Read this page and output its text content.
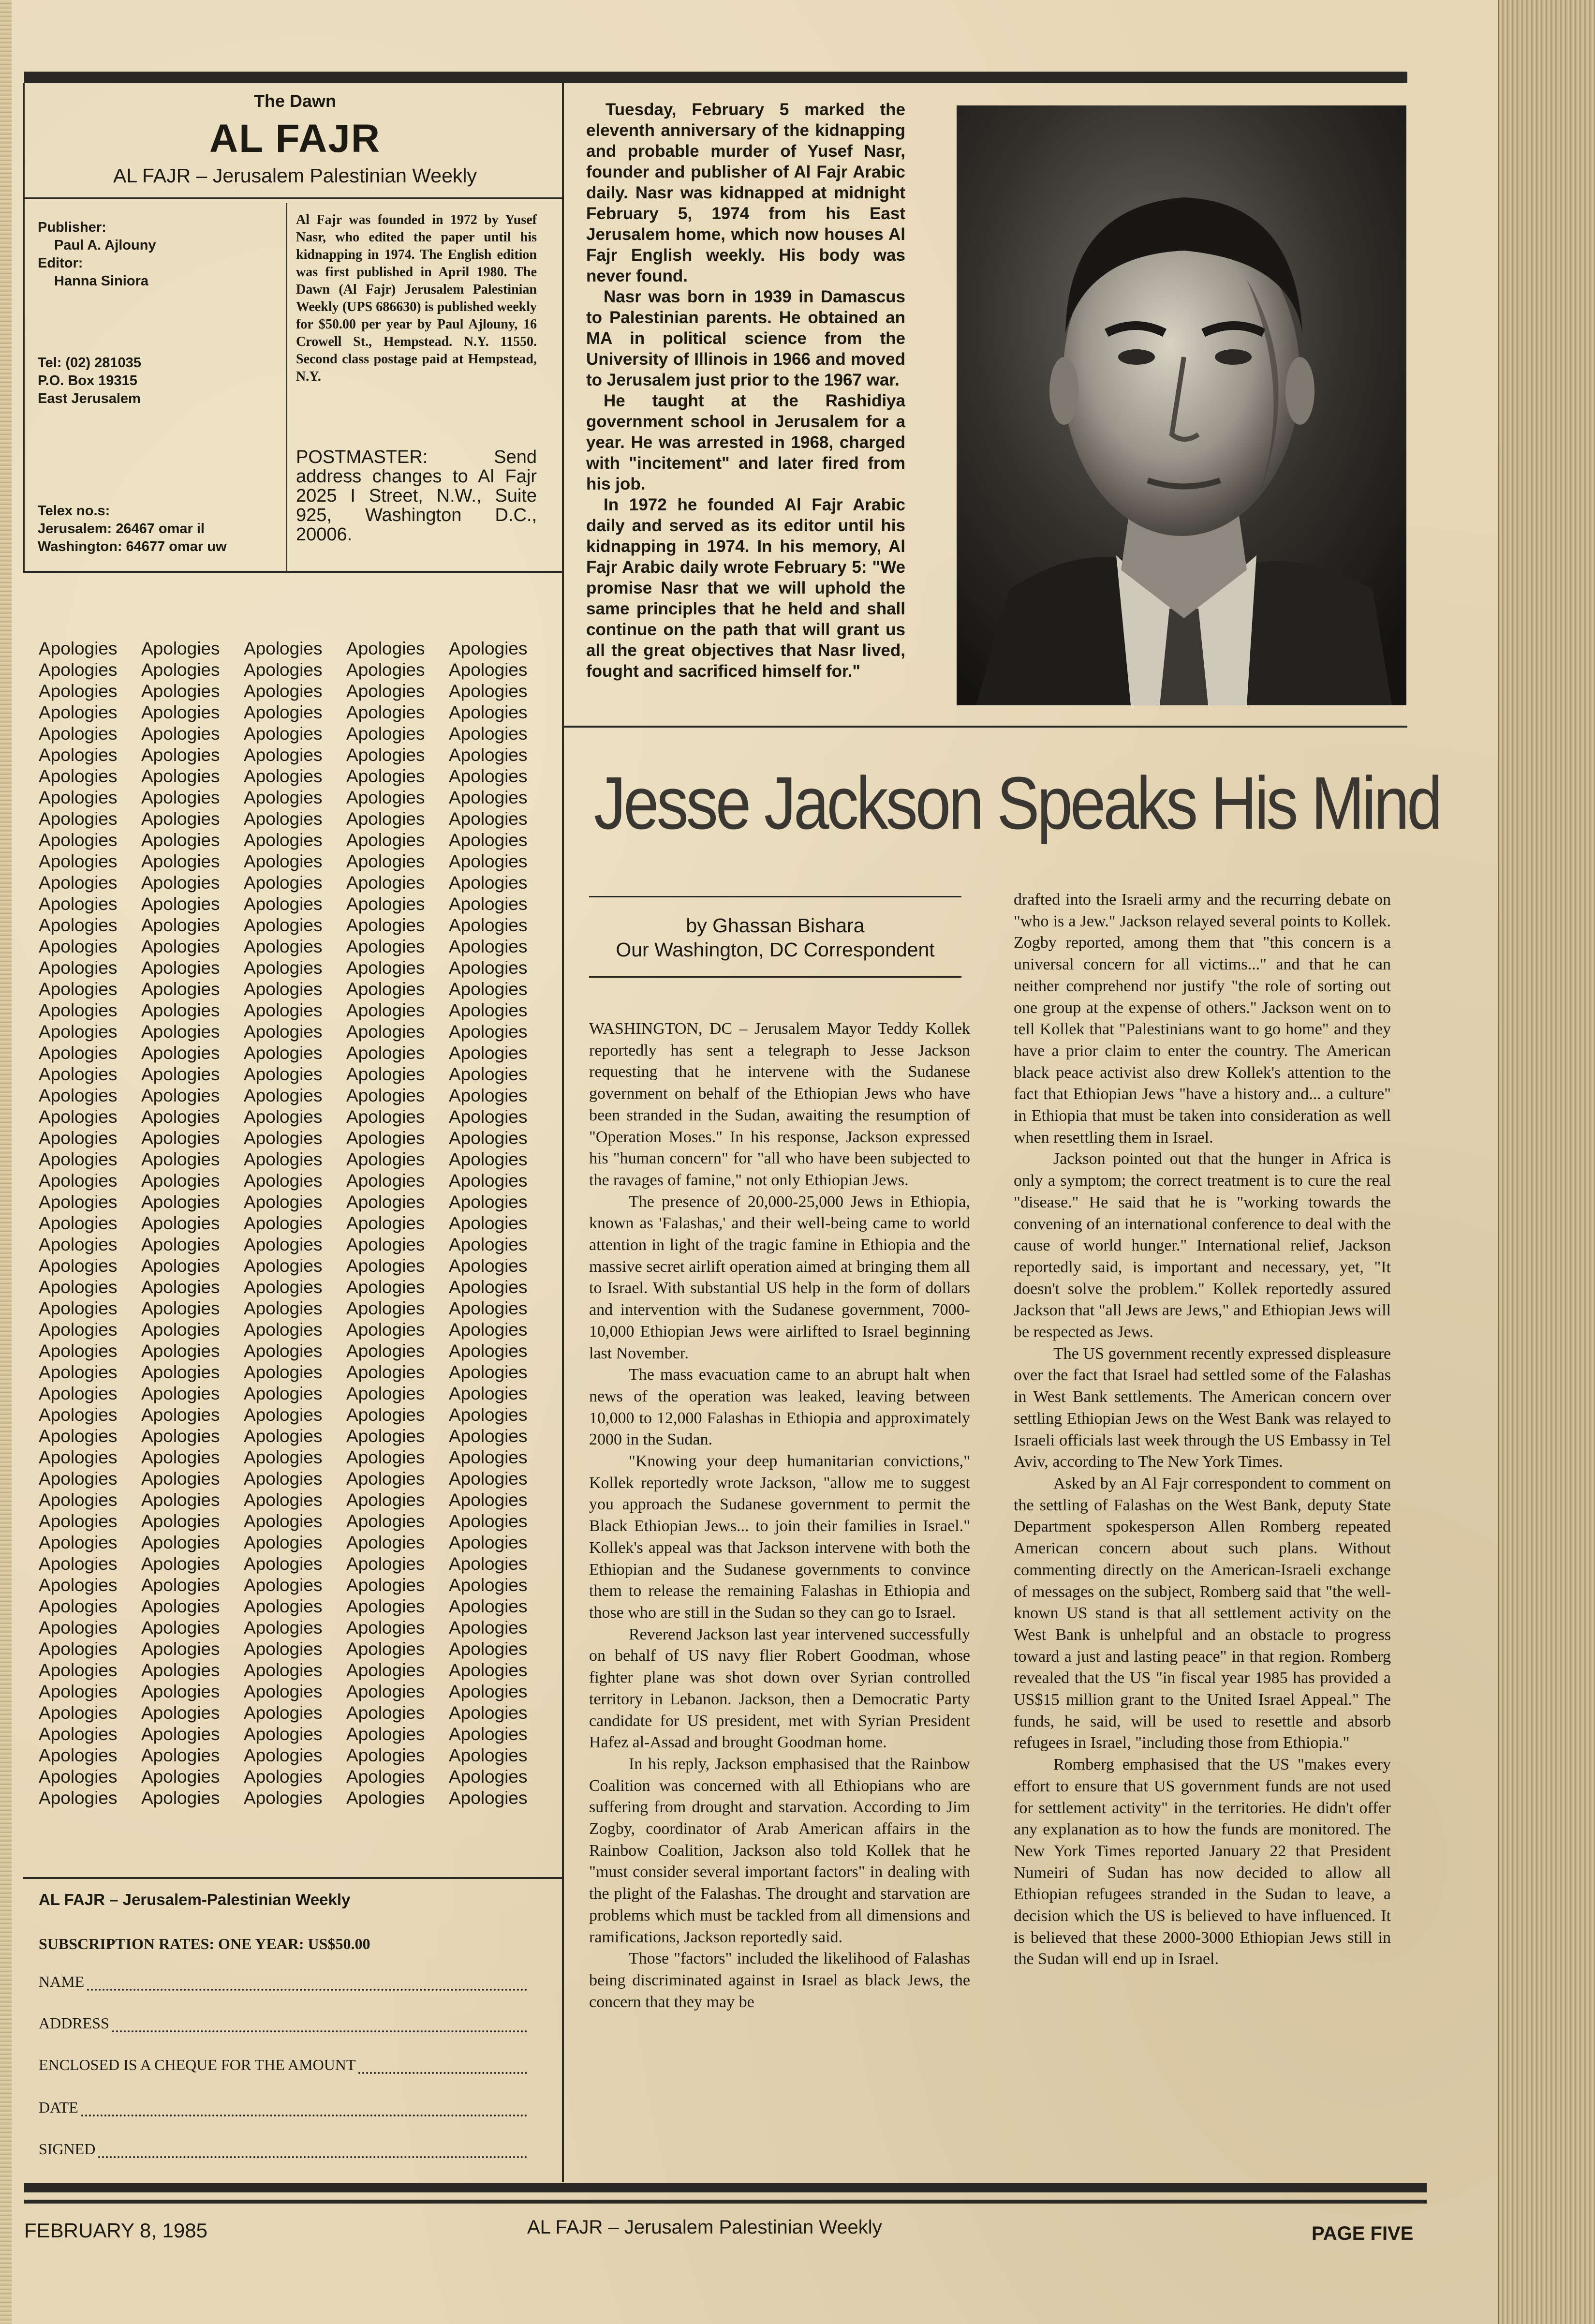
The Dawn
AL FAJR
AL FAJR – Jerusalem Palestinian Weekly
Publisher:
Paul A. Ajlouny
Editor:
Hanna Siniora
Tel: (02) 281035
P.O. Box 19315
East Jerusalem
Telex no.s:
Jerusalem: 26467 omar il
Washington: 64677 omar uw
Al Fajr was founded in 1972 by Yusef Nasr, who edited the paper until his kidnapping in 1974. The English edition was first published in April 1980. The Dawn (Al Fajr) Jerusalem Palestinian Weekly (UPS 686630) is published weekly for $50.00 per year by Paul Ajlouny, 16 Crowell St., Hempstead. N.Y. 11550. Second class postage paid at Hempstead, N.Y.
POSTMASTER: Send address changes to Al Fajr 2025 I Street, N.W., Suite 925, Washington D.C., 20006.
Apologies	Apologies	Apologies	Apologies	Apologies
Apologies	Apologies	Apologies	Apologies	Apologies
Apologies	Apologies	Apologies	Apologies	Apologies
Apologies	Apologies	Apologies	Apologies	Apologies
Apologies	Apologies	Apologies	Apologies	Apologies
Apologies	Apologies	Apologies	Apologies	Apologies
Apologies	Apologies	Apologies	Apologies	Apologies
Apologies	Apologies	Apologies	Apologies	Apologies
Apologies	Apologies	Apologies	Apologies	Apologies
Apologies	Apologies	Apologies	Apologies	Apologies
Apologies	Apologies	Apologies	Apologies	Apologies
Apologies	Apologies	Apologies	Apologies	Apologies
Apologies	Apologies	Apologies	Apologies	Apologies
Apologies	Apologies	Apologies	Apologies	Apologies
Apologies	Apologies	Apologies	Apologies	Apologies
Apologies	Apologies	Apologies	Apologies	Apologies
Apologies	Apologies	Apologies	Apologies	Apologies
Apologies	Apologies	Apologies	Apologies	Apologies
Apologies	Apologies	Apologies	Apologies	Apologies
Apologies	Apologies	Apologies	Apologies	Apologies
Apologies	Apologies	Apologies	Apologies	Apologies
Apologies	Apologies	Apologies	Apologies	Apologies
Apologies	Apologies	Apologies	Apologies	Apologies
Apologies	Apologies	Apologies	Apologies	Apologies
Apologies	Apologies	Apologies	Apologies	Apologies
Apologies	Apologies	Apologies	Apologies	Apologies
Apologies	Apologies	Apologies	Apologies	Apologies
Apologies	Apologies	Apologies	Apologies	Apologies
Apologies	Apologies	Apologies	Apologies	Apologies
Apologies	Apologies	Apologies	Apologies	Apologies
Apologies	Apologies	Apologies	Apologies	Apologies
Apologies	Apologies	Apologies	Apologies	Apologies
Apologies	Apologies	Apologies	Apologies	Apologies
Apologies	Apologies	Apologies	Apologies	Apologies
Apologies	Apologies	Apologies	Apologies	Apologies
Apologies	Apologies	Apologies	Apologies	Apologies
Apologies	Apologies	Apologies	Apologies	Apologies
Apologies	Apologies	Apologies	Apologies	Apologies
Apologies	Apologies	Apologies	Apologies	Apologies
Apologies	Apologies	Apologies	Apologies	Apologies
Apologies	Apologies	Apologies	Apologies	Apologies
Apologies	Apologies	Apologies	Apologies	Apologies
Apologies	Apologies	Apologies	Apologies	Apologies
Apologies	Apologies	Apologies	Apologies	Apologies
Apologies	Apologies	Apologies	Apologies	Apologies
Apologies	Apologies	Apologies	Apologies	Apologies
Apologies	Apologies	Apologies	Apologies	Apologies
Apologies	Apologies	Apologies	Apologies	Apologies
Apologies	Apologies	Apologies	Apologies	Apologies
Apologies	Apologies	Apologies	Apologies	Apologies
Apologies	Apologies	Apologies	Apologies	Apologies
Apologies	Apologies	Apologies	Apologies	Apologies
Apologies	Apologies	Apologies	Apologies	Apologies
Apologies	Apologies	Apologies	Apologies	Apologies
Apologies	Apologies	Apologies	Apologies	Apologies
AL FAJR – Jerusalem-Palestinian Weekly
SUBSCRIPTION RATES: ONE YEAR: US$50.00
NAME
ADDRESS
ENCLOSED IS A CHEQUE FOR THE AMOUNT
DATE
SIGNED

Tuesday, February 5 marked the eleventh anniversary of the kidnapping and probable murder of Yusef Nasr, founder and publisher of Al Fajr Arabic daily. Nasr was kidnapped at midnight February 5, 1974 from his East Jerusalem home, which now houses Al Fajr English weekly. His body was never found.

Nasr was born in 1939 in Damascus to Palestinian parents. He obtained an MA in political science from the University of Illinois in 1966 and moved to Jerusalem just prior to the 1967 war.

He taught at the Rashidiya government school in Jerusalem for a year. He was arrested in 1968, charged with "incitement" and later fired from his job.

In 1972 he founded Al Fajr Arabic daily and served as its editor until his kidnapping in 1974. In his memory, Al Fajr Arabic daily wrote February 5: "We promise Nasr that we will uphold the same principles that he held and shall continue on the path that will grant us all the great objectives that Nasr lived, fought and sacrificed himself for."

Jesse Jackson Speaks His Mind
by Ghassan Bishara
Our Washington, DC Correspondent

WASHINGTON, DC – Jerusalem Mayor Teddy Kollek reportedly has sent a telegraph to Jesse Jackson requesting that he intervene with the Sudanese government on behalf of the Ethiopian Jews who have been stranded in the Sudan, awaiting the resumption of "Operation Moses." In his response, Jackson expressed his "human concern" for "all who have been subjected to the ravages of famine," not only Ethiopian Jews.

The presence of 20,000-25,000 Jews in Ethiopia, known as 'Falashas,' and their well-being came to world attention in light of the tragic famine in Ethiopia and the massive secret airlift operation aimed at bringing them all to Israel. With substantial US help in the form of dollars and intervention with the Sudanese government, 7000-10,000 Ethiopian Jews were airlifted to Israel beginning last November.

The mass evacuation came to an abrupt halt when news of the operation was leaked, leaving between 10,000 to 12,000 Falashas in Ethiopia and approximately 2000 in the Sudan.

"Knowing your deep humanitarian convictions," Kollek reportedly wrote Jackson, "allow me to suggest you approach the Sudanese government to permit the Black Ethiopian Jews... to join their families in Israel." Kollek's appeal was that Jackson intervene with both the Ethiopian and the Sudanese governments to convince them to release the remaining Falashas in Ethiopia and those who are still in the Sudan so they can go to Israel.

Reverend Jackson last year intervened successfully on behalf of US navy flier Robert Goodman, whose fighter plane was shot down over Syrian controlled territory in Lebanon. Jackson, then a Democratic Party candidate for US president, met with Syrian President Hafez al-Assad and brought Goodman home.

In his reply, Jackson emphasised that the Rainbow Coalition was concerned with all Ethiopians who are suffering from drought and starvation. According to Jim Zogby, coordinator of Arab American affairs in the Rainbow Coalition, Jackson also told Kollek that he "must consider several important factors" in dealing with the plight of the Falashas. The drought and starvation are problems which must be tackled from all dimensions and ramifications, Jackson reportedly said.

Those "factors" included the likelihood of Falashas being discriminated against in Israel as black Jews, the concern that they may be

drafted into the Israeli army and the recurring debate on "who is a Jew." Jackson relayed several points to Kollek. Zogby reported, among them that "this concern is a universal concern for all victims..." and that he can neither comprehend nor justify "the role of sorting out one group at the expense of others." Jackson went on to tell Kollek that "Palestinians want to go home" and they have a prior claim to enter the country. The American black peace activist also drew Kollek's attention to the fact that Ethiopian Jews "have a history and... a culture" in Ethiopia that must be taken into consideration as well when resettling them in Israel.

Jackson pointed out that the hunger in Africa is only a symptom; the correct treatment is to cure the real "disease." He said that he is "working towards the convening of an international conference to deal with the cause of world hunger." International relief, Jackson reportedly said, is important and necessary, yet, "It doesn't solve the problem." Kollek reportedly assured Jackson that "all Jews are Jews," and Ethiopian Jews will be respected as Jews.

The US government recently expressed displeasure over the fact that Israel had settled some of the Falashas in West Bank settlements. The American concern over settling Ethiopian Jews on the West Bank was relayed to Israeli officials last week through the US Embassy in Tel Aviv, according to The New York Times.

Asked by an Al Fajr correspondent to comment on the settling of Falashas on the West Bank, deputy State Department spokesperson Allen Romberg repeated American concern about such plans. Without commenting directly on the American-Israeli exchange of messages on the subject, Romberg said that "the well-known US stand is that all settlement activity on the West Bank is unhelpful and an obstacle to progress toward a just and lasting peace" in that region. Romberg revealed that the US "in fiscal year 1985 has provided a US$15 million grant to the United Israel Appeal." The funds, he said, will be used to resettle and absorb refugees in Israel, "including those from Ethiopia."

Romberg emphasised that the US "makes every effort to ensure that US government funds are not used for settlement activity" in the territories. He didn't offer any explanation as to how the funds are monitored. The New York Times reported January 22 that President Numeiri of Sudan has now decided to allow all Ethiopian refugees stranded in the Sudan to leave, a decision which the US is believed to have influenced. It is believed that these 2000-3000 Ethiopian Jews still in the Sudan will end up in Israel.

FEBRUARY 8, 1985	AL FAJR – Jerusalem Palestinian Weekly	PAGE FIVE
